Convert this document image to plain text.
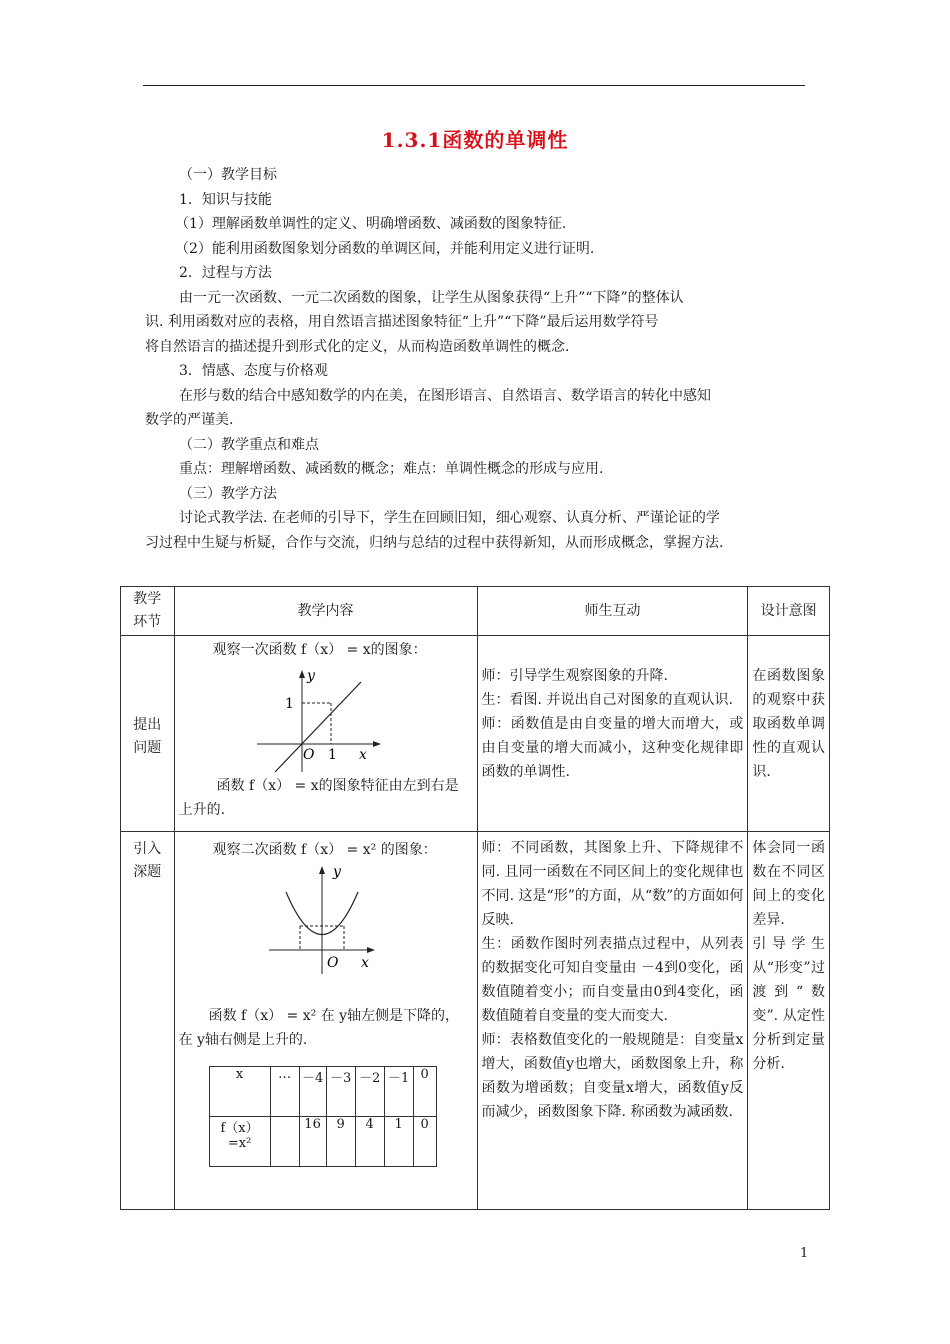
1.3.1函数的单调性
（一）教学目标
1．知识与技能
（1）理解函数单调性的定义、明确增函数、减函数的图象特征.
（2）能利用函数图象划分函数的单调区间，并能利用定义进行证明.
2．过程与方法
由一元一次函数、一元二次函数的图象，让学生从图象获得“上升”“下降”的整体认
识. 利用函数对应的表格，用自然语言描述图象特征“上升”“下降”最后运用数学符号
将自然语言的描述提升到形式化的定义，从而构造函数单调性的概念.
3．情感、态度与价格观
在形与数的结合中感知数学的内在美，在图形语言、自然语言、数学语言的转化中感知
数学的严谨美.
（二）教学重点和难点
重点：理解增函数、减函数的概念；难点：单调性概念的形成与应用.
（三）教学方法
讨论式教学法. 在老师的引导下，学生在回顾旧知，细心观察、认真分析、严谨论证的学
习过程中生疑与析疑，合作与交流，归纳与总结的过程中获得新知，从而形成概念，掌握方法.
教学
环节	教学内容	师生互动	设计意图
提出
问题	
观察一次函数 f（x） = x的图象：
y
1
O 1 x
函数 f（x） = x的图象特征由左到右是上升的.

师：引导学生观察图象的升降.
生：看图. 并说出自己对图象的直观认识.
师：函数值是由自变量的增大而增大，或由自变量的增大而减小，这种变化规律即函数的单调性.

在函数图象的观察中获取函数单调性的直观认识.

引入
深题	
观察二次函数 f（x） = x² 的图象：
y
O x
函数 f（x） = x² 在 y轴左侧是下降的，在 y轴右侧是上升的.
x	…	－4	－3	－2	－1	0
f（x）=x²		16	9	4	1	0

师：不同函数，其图象上升、下降规律不同. 且同一函数在不同区间上的变化规律也不同. 这是“形”的方面，从“数”的方面如何反映.
生：函数作图时列表描点过程中，从列表的数据变化可知自变量由 －4到0变化，函数值随着变小；而自变量由0到4变化，函数值随着自变量的变大而变大.
师：表格数值变化的一般规随是：自变量x增大，函数值y也增大，函数图象上升，称函数为增函数；自变量x增大，函数值y反而减少，函数图象下降. 称函数为减函数.

体会同一函数在不同区间上的变化差异.
引导学生从“形变”过渡到“数变”. 从定性分析到定量分析.
1
